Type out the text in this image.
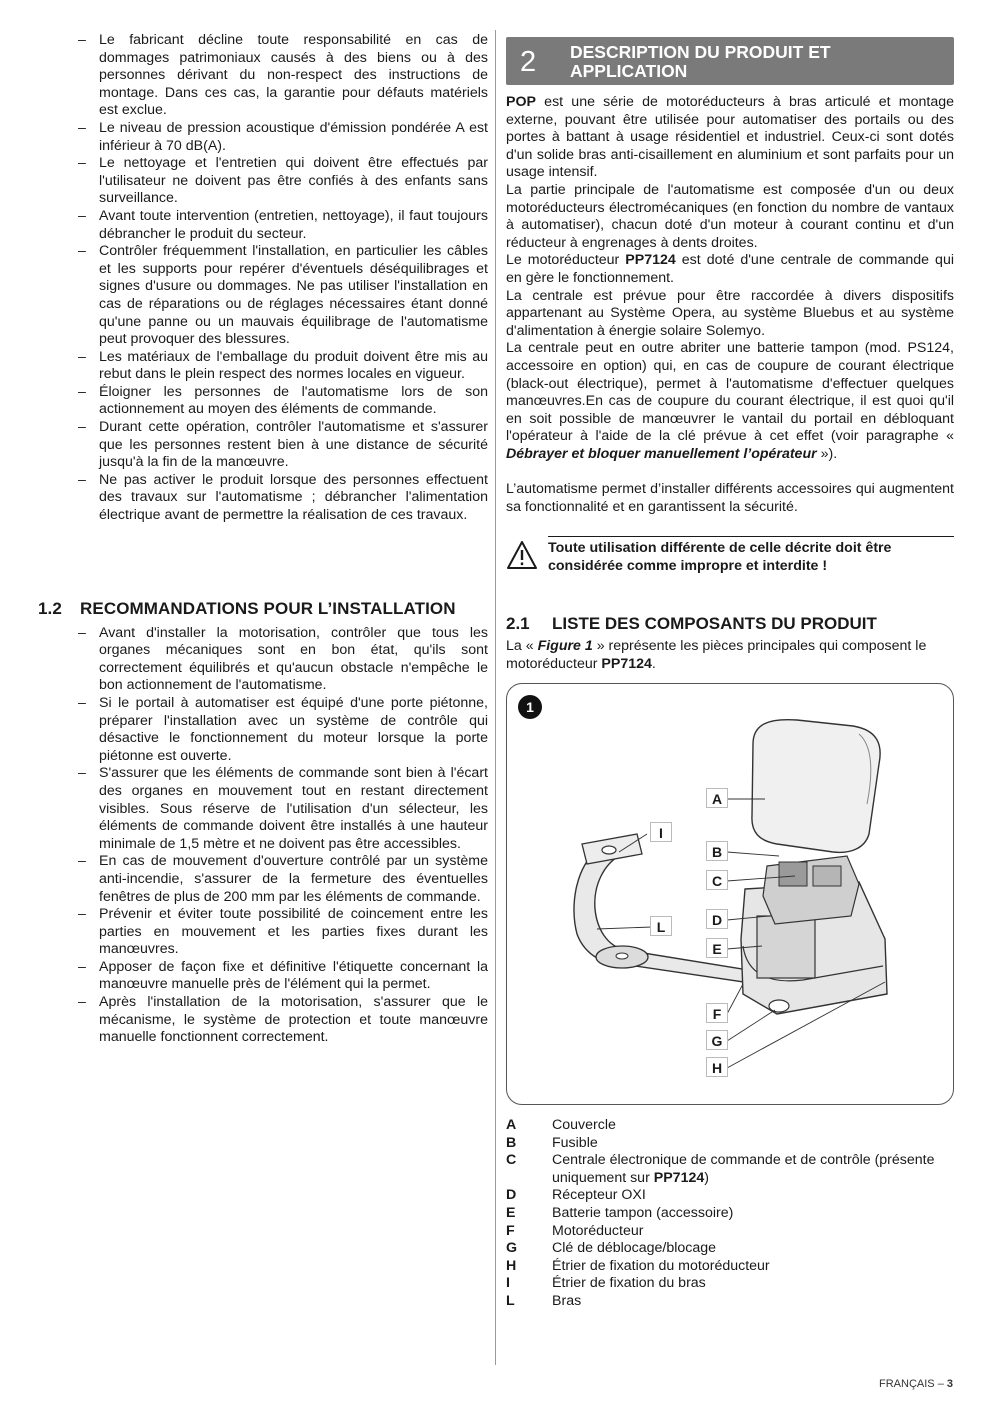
– Le fabricant décline toute responsabilité en cas de dommages patrimoniaux causés à des biens ou à des personnes dérivant du non-respect des instructions de montage. Dans ces cas, la garantie pour défauts matériels est exclue.
– Le niveau de pression acoustique d'émission pondérée A est inférieur à 70 dB(A).
– Le nettoyage et l'entretien qui doivent être effectués par l'utilisateur ne doivent pas être confiés à des enfants sans surveillance.
– Avant toute intervention (entretien, nettoyage), il faut toujours débrancher le produit du secteur.
– Contrôler fréquemment l'installation, en particulier les câbles et les supports pour repérer d'éventuels déséquilibrages et signes d'usure ou dommages. Ne pas utiliser l'installation en cas de réparations ou de réglages nécessaires étant donné qu'une panne ou un mauvais équilibrage de l'automatisme peut provoquer des blessures.
– Les matériaux de l'emballage du produit doivent être mis au rebut dans le plein respect des normes locales en vigueur.
– Éloigner les personnes de l'automatisme lors de son actionnement au moyen des éléments de commande.
– Durant cette opération, contrôler l'automatisme et s'assurer que les personnes restent bien à une distance de sécurité jusqu'à la fin de la manœuvre.
– Ne pas activer le produit lorsque des personnes effectuent des travaux sur l'automatisme ; débrancher l'alimentation électrique avant de permettre la réalisation de ces travaux.
1.2 RECOMMANDATIONS POUR L’INSTALLATION
– Avant d'installer la motorisation, contrôler que tous les organes mécaniques sont en bon état, qu'ils sont correctement équilibrés et qu'aucun obstacle n'empêche le bon actionnement de l'automatisme.
– Si le portail à automatiser est équipé d'une porte piétonne, préparer l'installation avec un système de contrôle qui désactive le fonctionnement du moteur lorsque la porte piétonne est ouverte.
– S'assurer que les éléments de commande sont bien à l'écart des organes en mouvement tout en restant directement visibles. Sous réserve de l'utilisation d'un sélecteur, les éléments de commande doivent être installés à une hauteur minimale de 1,5 mètre et ne doivent pas être accessibles.
– En cas de mouvement d'ouverture contrôlé par un système anti-incendie, s'assurer de la fermeture des éventuelles fenêtres de plus de 200 mm par les éléments de commande.
– Prévenir et éviter toute possibilité de coincement entre les parties en mouvement et les parties fixes durant les manœuvres.
– Apposer de façon fixe et définitive l'étiquette concernant la manœuvre manuelle près de l'élément qui la permet.
– Après l'installation de la motorisation, s'assurer que le mécanisme, le système de protection et toute manœuvre manuelle fonctionnent correctement.
2 DESCRIPTION DU PRODUIT ET
APPLICATION

POP est une série de motoréducteurs à bras articulé et montage externe, pouvant être utilisée pour automatiser des portails ou des portes à battant à usage résidentiel et industriel. Ceux-ci sont dotés d'un solide bras anti-cisaillement en aluminium et sont parfaits pour un usage intensif.

La partie principale de l'automatisme est composée d'un ou deux motoréducteurs électromécaniques (en fonction du nombre de vantaux à automatiser), chacun doté d'un moteur à courant continu et d'un réducteur à engrenages à dents droites.

Le motoréducteur PP7124 est doté d'une centrale de commande qui en gère le fonctionnement.

La centrale est prévue pour être raccordée à divers dispositifs appartenant au Système Opera, au système Bluebus et au système d'alimentation à énergie solaire Solemyo.

La centrale peut en outre abriter une batterie tampon (mod. PS124, accessoire en option) qui, en cas de coupure de courant électrique (black-out électrique), permet à l'automatisme d'effectuer quelques manœuvres.En cas de coupure du courant électrique, il est quoi qu'il en soit possible de manœuvrer le vantail du portail en débloquant l'opérateur à l'aide de la clé prévue à cet effet (voir paragraphe « Débrayer et bloquer manuellement l’opérateur »).

L’automatisme permet d’installer différents accessoires qui augmentent sa fonctionnalité et en garantissent la sécurité.

Toute utilisation différente de celle décrite doit être considérée comme impropre et interdite !
2.1 LISTE DES COMPOSANTS DU PRODUIT
La « Figure 1 » représente les pièces principales qui composent le motoréducteur PP7124.
1
A
B
C
D
E
F
G
H
I
L
A	Couvercle
B	Fusible
C	Centrale électronique de commande et de contrôle (présente uniquement sur PP7124)
D	Récepteur OXI
E	Batterie tampon (accessoire)
F	Motoréducteur
G	Clé de déblocage/blocage
H	Étrier de fixation du motoréducteur
I	Étrier de fixation du bras
L	Bras
FRANÇAIS – 3
